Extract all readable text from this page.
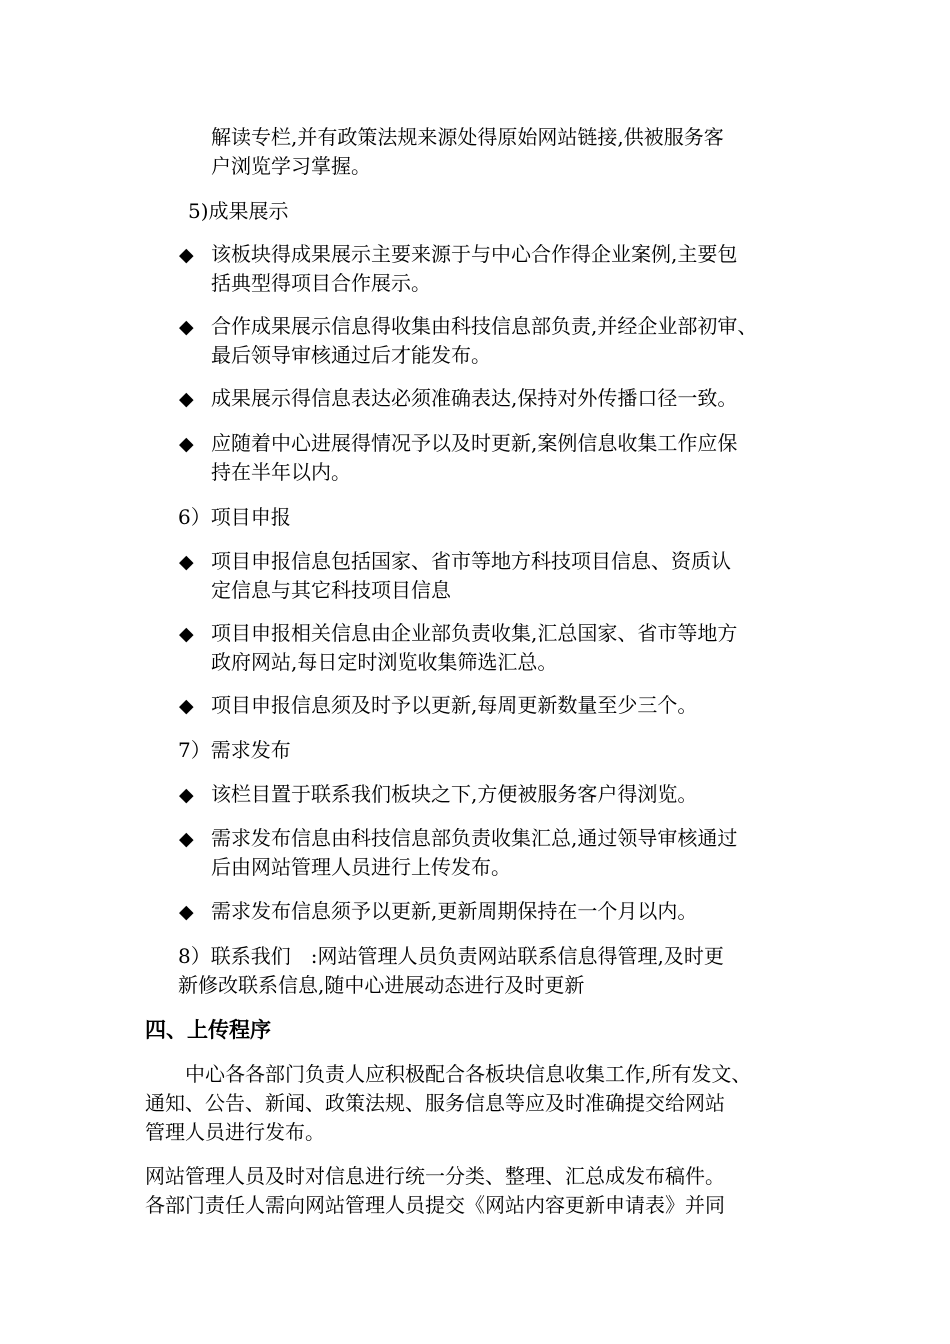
解读专栏,并有政策法规来源处得原始网站链接,供被服务客
户浏览学习掌握。
5)成果展示
◆ 该板块得成果展示主要来源于与中心合作得企业案例,主要包
括典型得项目合作展示。
◆ 合作成果展示信息得收集由科技信息部负责,并经企业部初审、
最后领导审核通过后才能发布。
◆ 成果展示得信息表达必须准确表达,保持对外传播口径一致。
◆ 应随着中心进展得情况予以及时更新,案例信息收集工作应保
持在半年以内。
6）项目申报
◆ 项目申报信息包括国家、省市等地方科技项目信息、资质认
定信息与其它科技项目信息
◆ 项目申报相关信息由企业部负责收集,汇总国家、省市等地方
政府网站,每日定时浏览收集筛选汇总。
◆ 项目申报信息须及时予以更新,每周更新数量至少三个。
7）需求发布
◆ 该栏目置于联系我们板块之下,方便被服务客户得浏览。
◆ 需求发布信息由科技信息部负责收集汇总,通过领导审核通过
后由网站管理人员进行上传发布。
◆ 需求发布信息须予以更新,更新周期保持在一个月以内。
8）联系我们　:网站管理人员负责网站联系信息得管理,及时更
新修改联系信息,随中心进展动态进行及时更新
四、上传程序
　　中心各各部门负责人应积极配合各板块信息收集工作,所有发文、
通知、公告、新闻、政策法规、服务信息等应及时准确提交给网站
管理人员进行发布。
网站管理人员及时对信息进行统一分类、整理、汇总成发布稿件。
各部门责任人需向网站管理人员提交《网站内容更新申请表》并同
